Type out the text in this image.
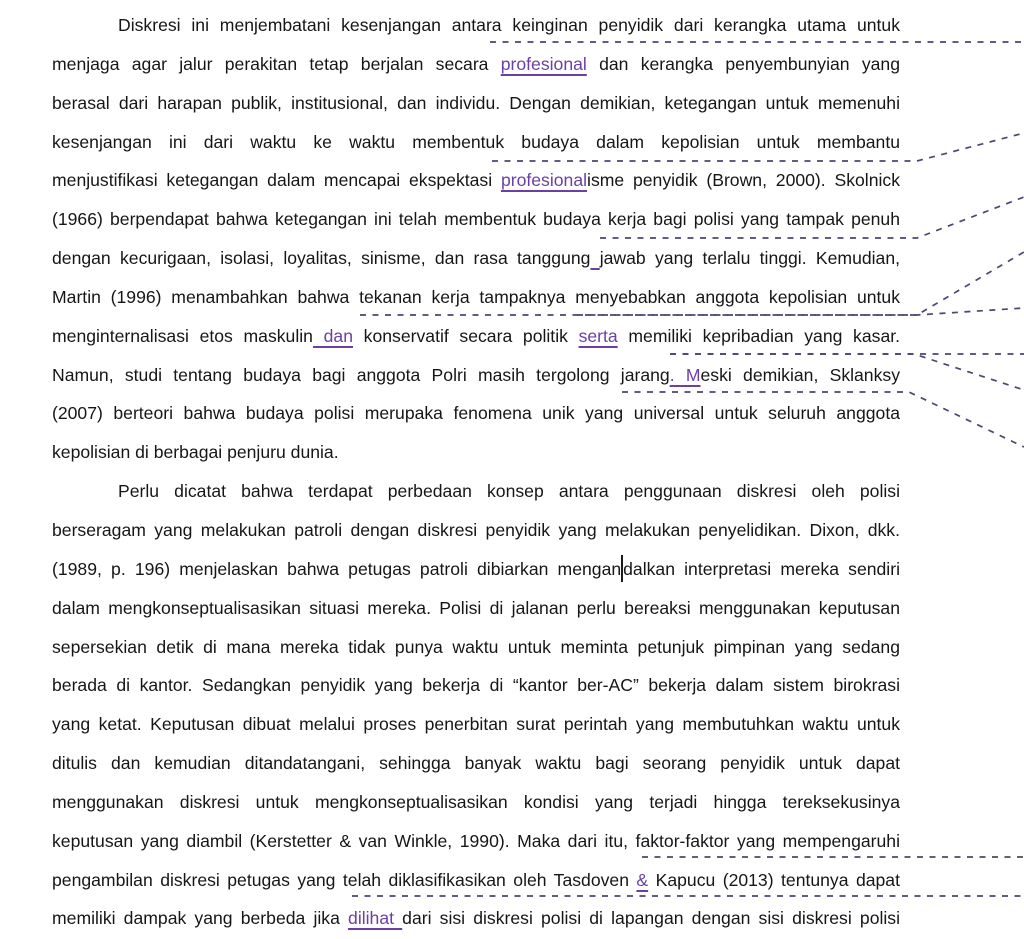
Diskresi ini menjembatani kesenjangan antara keinginan penyidik dari kerangka utama untuk
menjaga agar jalur perakitan tetap berjalan secara profesional dan kerangka penyembunyian yang
berasal dari harapan publik, institusional, dan individu. Dengan demikian, ketegangan untuk memenuhi
kesenjangan ini dari waktu ke waktu membentuk budaya dalam kepolisian untuk membantu
menjustifikasi ketegangan dalam mencapai ekspektasi profesionalisme penyidik (Brown, 2000). Skolnick
(1966) berpendapat bahwa ketegangan ini telah membentuk budaya kerja bagi polisi yang tampak penuh
dengan kecurigaan, isolasi, loyalitas, sinisme, dan rasa tanggung jawab yang terlalu tinggi. Kemudian,
Martin (1996) menambahkan bahwa tekanan kerja tampaknya menyebabkan anggota kepolisian untuk
menginternalisasi etos maskulin dan konservatif secara politik serta memiliki kepribadian yang kasar.
Namun, studi tentang budaya bagi anggota Polri masih tergolong jarang. Meski demikian, Sklanksy
(2007) berteori bahwa budaya polisi merupaka fenomena unik yang universal untuk seluruh anggota
kepolisian di berbagai penjuru dunia.
Perlu dicatat bahwa terdapat perbedaan konsep antara penggunaan diskresi oleh polisi
berseragam yang melakukan patroli dengan diskresi penyidik yang melakukan penyelidikan. Dixon, dkk.
(1989, p. 196) menjelaskan bahwa petugas patroli dibiarkan mengan dalkan interpretasi mereka sendiri
dalam mengkonseptualisasikan situasi mereka. Polisi di jalanan perlu bereaksi menggunakan keputusan
sepersekian detik di mana mereka tidak punya waktu untuk meminta petunjuk pimpinan yang sedang
berada di kantor. Sedangkan penyidik yang bekerja di “kantor ber-AC” bekerja dalam sistem birokrasi
yang ketat. Keputusan dibuat melalui proses penerbitan surat perintah yang membutuhkan waktu untuk
ditulis dan kemudian ditandatangani, sehingga banyak waktu bagi seorang penyidik untuk dapat
menggunakan diskresi untuk mengkonseptualisasikan kondisi yang terjadi hingga tereksekusinya
keputusan yang diambil (Kerstetter & van Winkle, 1990). Maka dari itu, faktor-faktor yang mempengaruhi
pengambilan diskresi petugas yang telah diklasifikasikan oleh Tasdoven & Kapucu (2013) tentunya dapat
memiliki dampak yang berbeda jika dilihat dari sisi diskresi polisi di lapangan dengan sisi diskresi polisi
